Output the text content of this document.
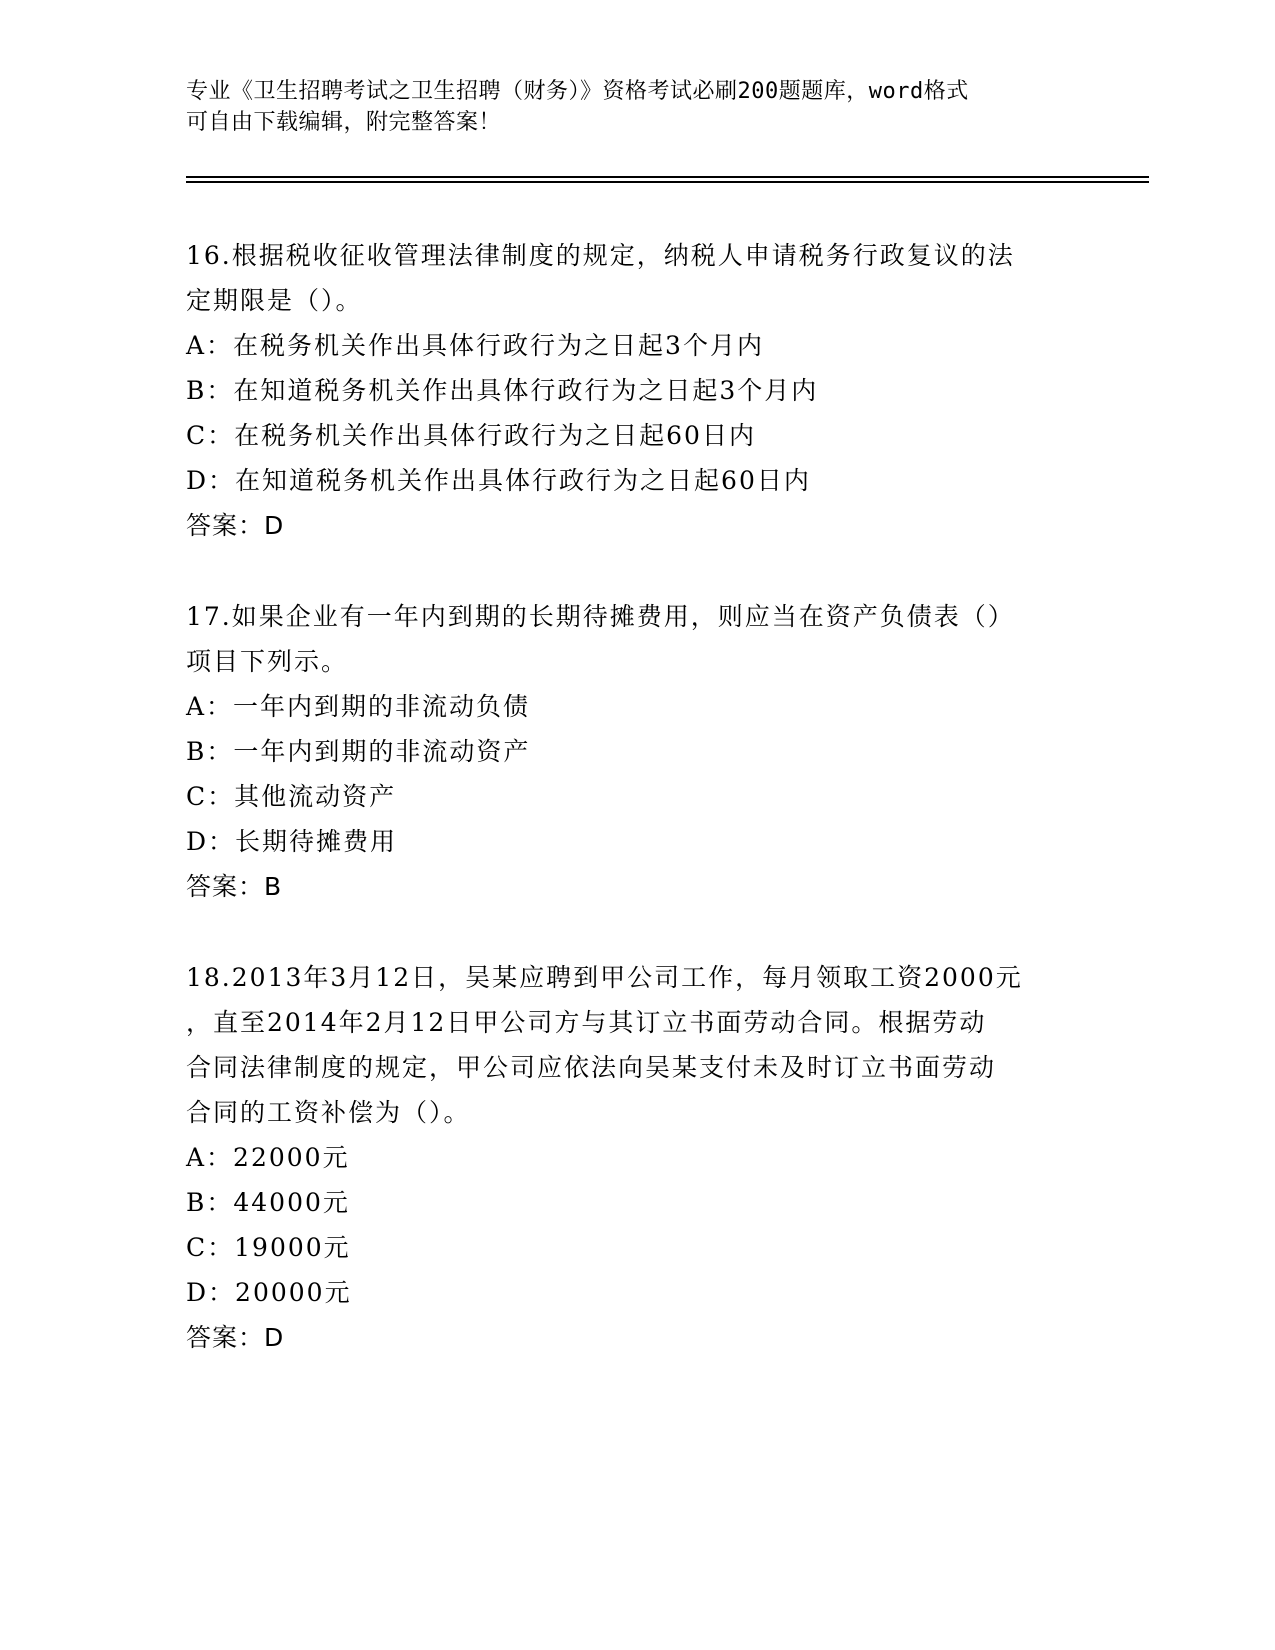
专业《卫生招聘考试之卫生招聘（财务）》资格考试必刷200题题库，word格式
可自由下载编辑，附完整答案！
16.根据税收征收管理法律制度的规定，纳税人申请税务行政复议的法
定期限是（）。
A：在税务机关作出具体行政行为之日起3个月内
B：在知道税务机关作出具体行政行为之日起3个月内
C：在税务机关作出具体行政行为之日起60日内
D：在知道税务机关作出具体行政行为之日起60日内
答案：D
17.如果企业有一年内到期的长期待摊费用，则应当在资产负债表（）
项目下列示。
A：一年内到期的非流动负债
B：一年内到期的非流动资产
C：其他流动资产
D：长期待摊费用
答案：B
18.2013年3月12日，吴某应聘到甲公司工作，每月领取工资2000元
，直至2014年2月12日甲公司方与其订立书面劳动合同。根据劳动
合同法律制度的规定，甲公司应依法向吴某支付未及时订立书面劳动
合同的工资补偿为（）。
A：22000元
B：44000元
C：19000元
D：20000元
答案：D
